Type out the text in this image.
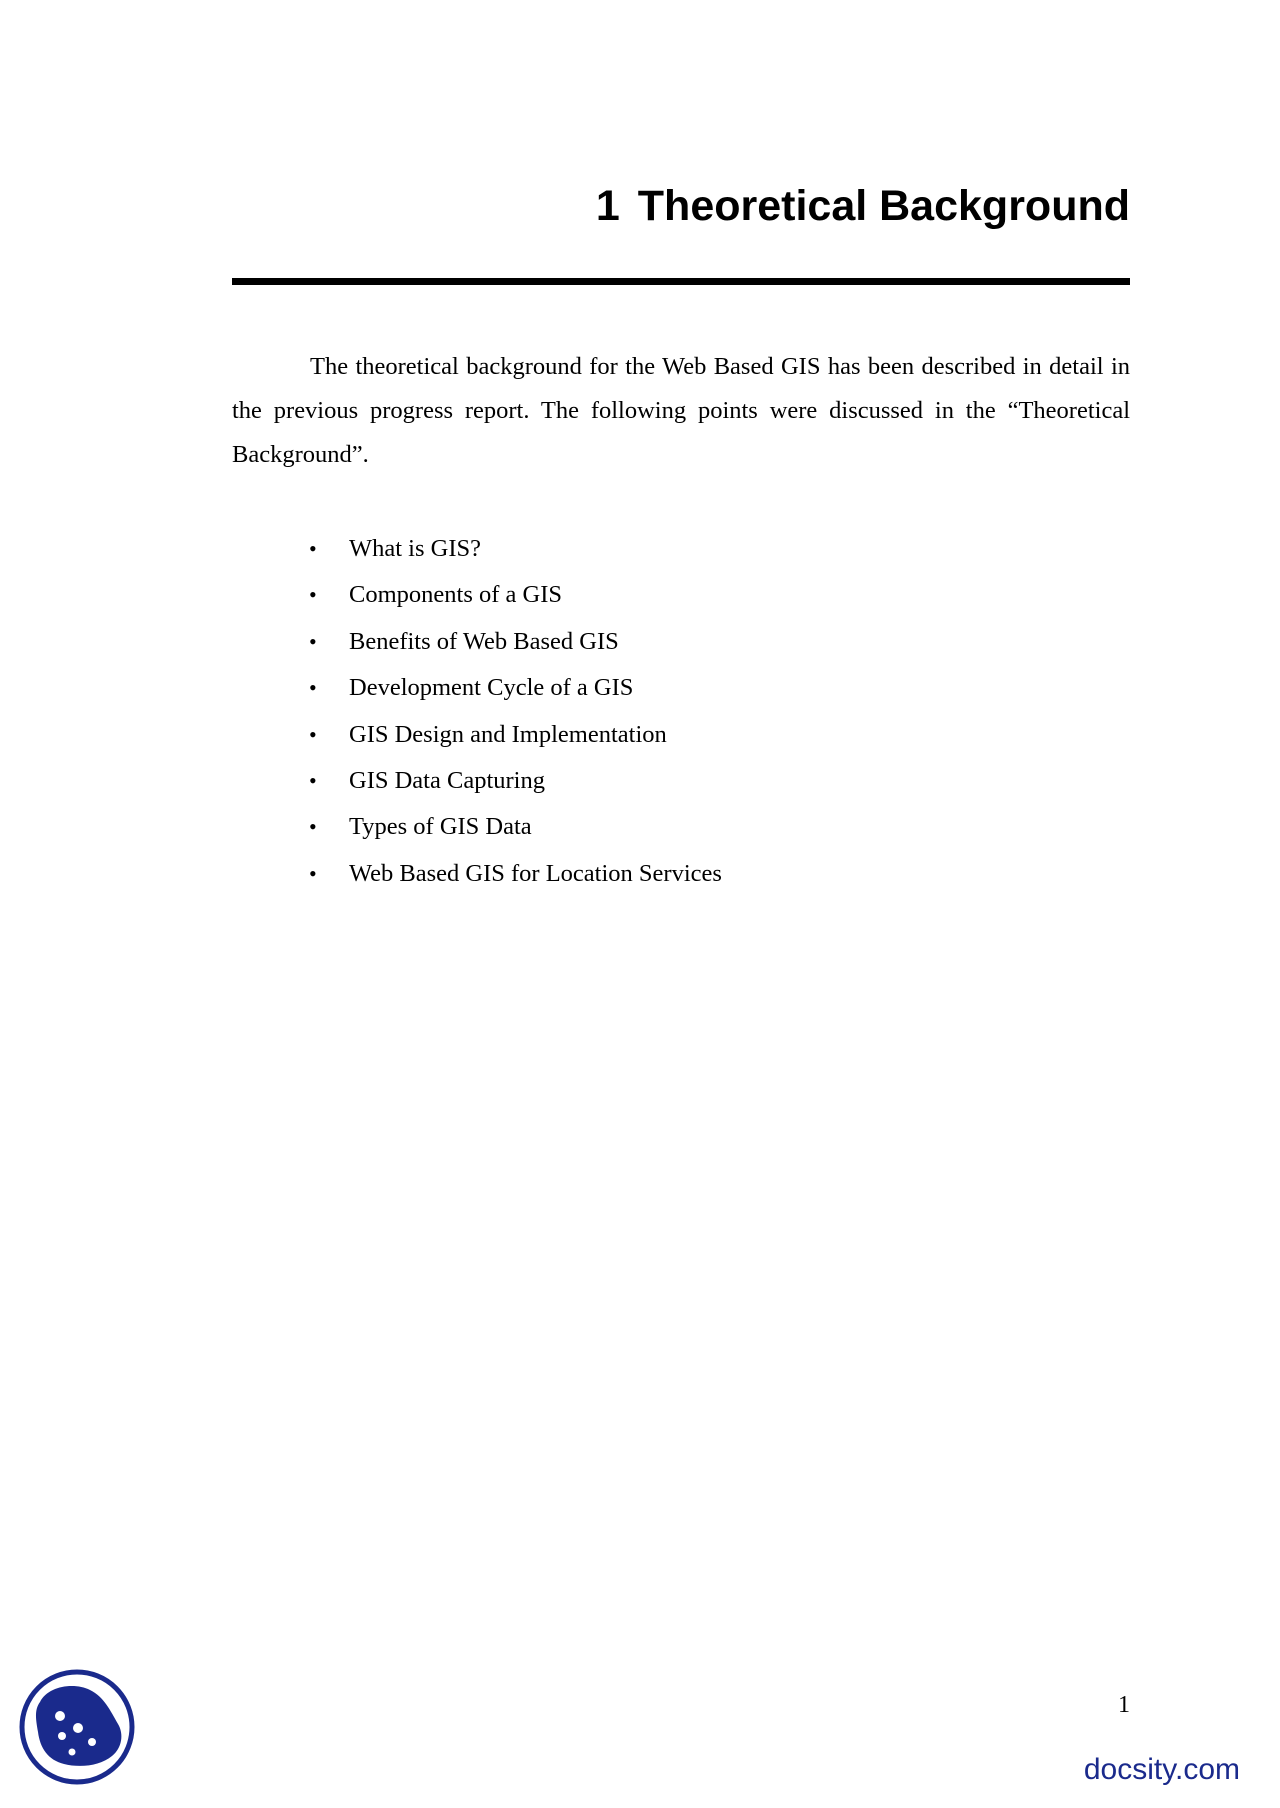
1 Theoretical Background

The theoretical background for the Web Based GIS has been described in detail in the previous progress report. The following points were discussed in the “Theoretical Background”.

• What is GIS?
• Components of a GIS
• Benefits of Web Based GIS
• Development Cycle of a GIS
• GIS Design and Implementation
• GIS Data Capturing
• Types of GIS Data
• Web Based GIS for Location Services
1
docsity.com
